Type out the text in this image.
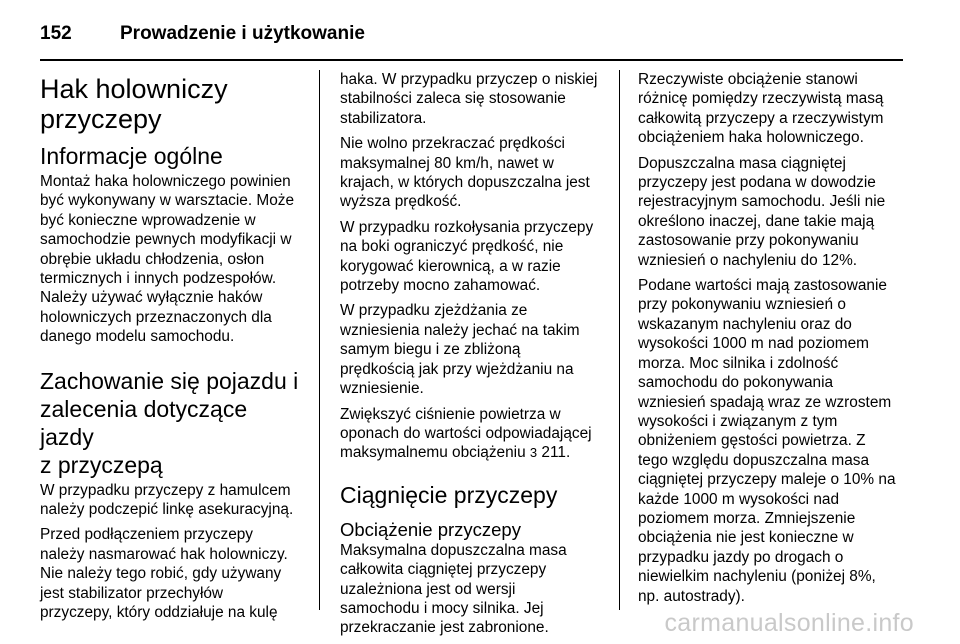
152	Prowadzenie i użytkowanie
Hak holowniczy
przyczepy
Informacje ogólne
Montaż haka holowniczego powinien
być wykonywany w warsztacie. Może
być konieczne wprowadzenie w
samochodzie pewnych modyfikacji w
obrębie układu chłodzenia, osłon
termicznych i innych podzespołów.
Należy używać wyłącznie haków
holowniczych przeznaczonych dla
danego modelu samochodu.
Zachowanie się pojazdu i
zalecenia dotyczące jazdy
z przyczepą
W przypadku przyczepy z hamulcem
należy podczepić linkę asekuracyjną.
Przed podłączeniem przyczepy
należy nasmarować hak holowniczy.
Nie należy tego robić, gdy używany
jest stabilizator przechyłów
przyczepy, który oddziałuje na kulę
haka. W przypadku przyczep o niskiej
stabilności zaleca się stosowanie
stabilizatora.
Nie wolno przekraczać prędkości
maksymalnej 80 km/h, nawet w
krajach, w których dopuszczalna jest
wyższa prędkość.
W przypadku rozkołysania przyczepy
na boki ograniczyć prędkość, nie
korygować kierownicą, a w razie
potrzeby mocno zahamować.
W przypadku zjeżdżania ze
wzniesienia należy jechać na takim
samym biegu i ze zbliżoną
prędkością jak przy wjeżdżaniu na
wzniesienie.
Zwiększyć ciśnienie powietrza w
oponach do wartości odpowiadającej
maksymalnemu obciążeniu 3 211.
Ciągnięcie przyczepy
Obciążenie przyczepy
Maksymalna dopuszczalna masa
całkowita ciągniętej przyczepy
uzależniona jest od wersji
samochodu i mocy silnika. Jej
przekraczanie jest zabronione.
Rzeczywiste obciążenie stanowi
różnicę pomiędzy rzeczywistą masą
całkowitą przyczepy a rzeczywistym
obciążeniem haka holowniczego.
Dopuszczalna masa ciągniętej
przyczepy jest podana w dowodzie
rejestracyjnym samochodu. Jeśli nie
określono inaczej, dane takie mają
zastosowanie przy pokonywaniu
wzniesień o nachyleniu do 12%.
Podane wartości mają zastosowanie
przy pokonywaniu wzniesień o
wskazanym nachyleniu oraz do
wysokości 1000 m nad poziomem
morza. Moc silnika i zdolność
samochodu do pokonywania
wzniesień spadają wraz ze wzrostem
wysokości i związanym z tym
obniżeniem gęstości powietrza. Z
tego względu dopuszczalna masa
ciągniętej przyczepy maleje o 10% na
każde 1000 m wysokości nad
poziomem morza. Zmniejszenie
obciążenia nie jest konieczne w
przypadku jazdy po drogach o
niewielkim nachyleniu (poniżej 8%,
np. autostrady).
carmanualsonline.info
